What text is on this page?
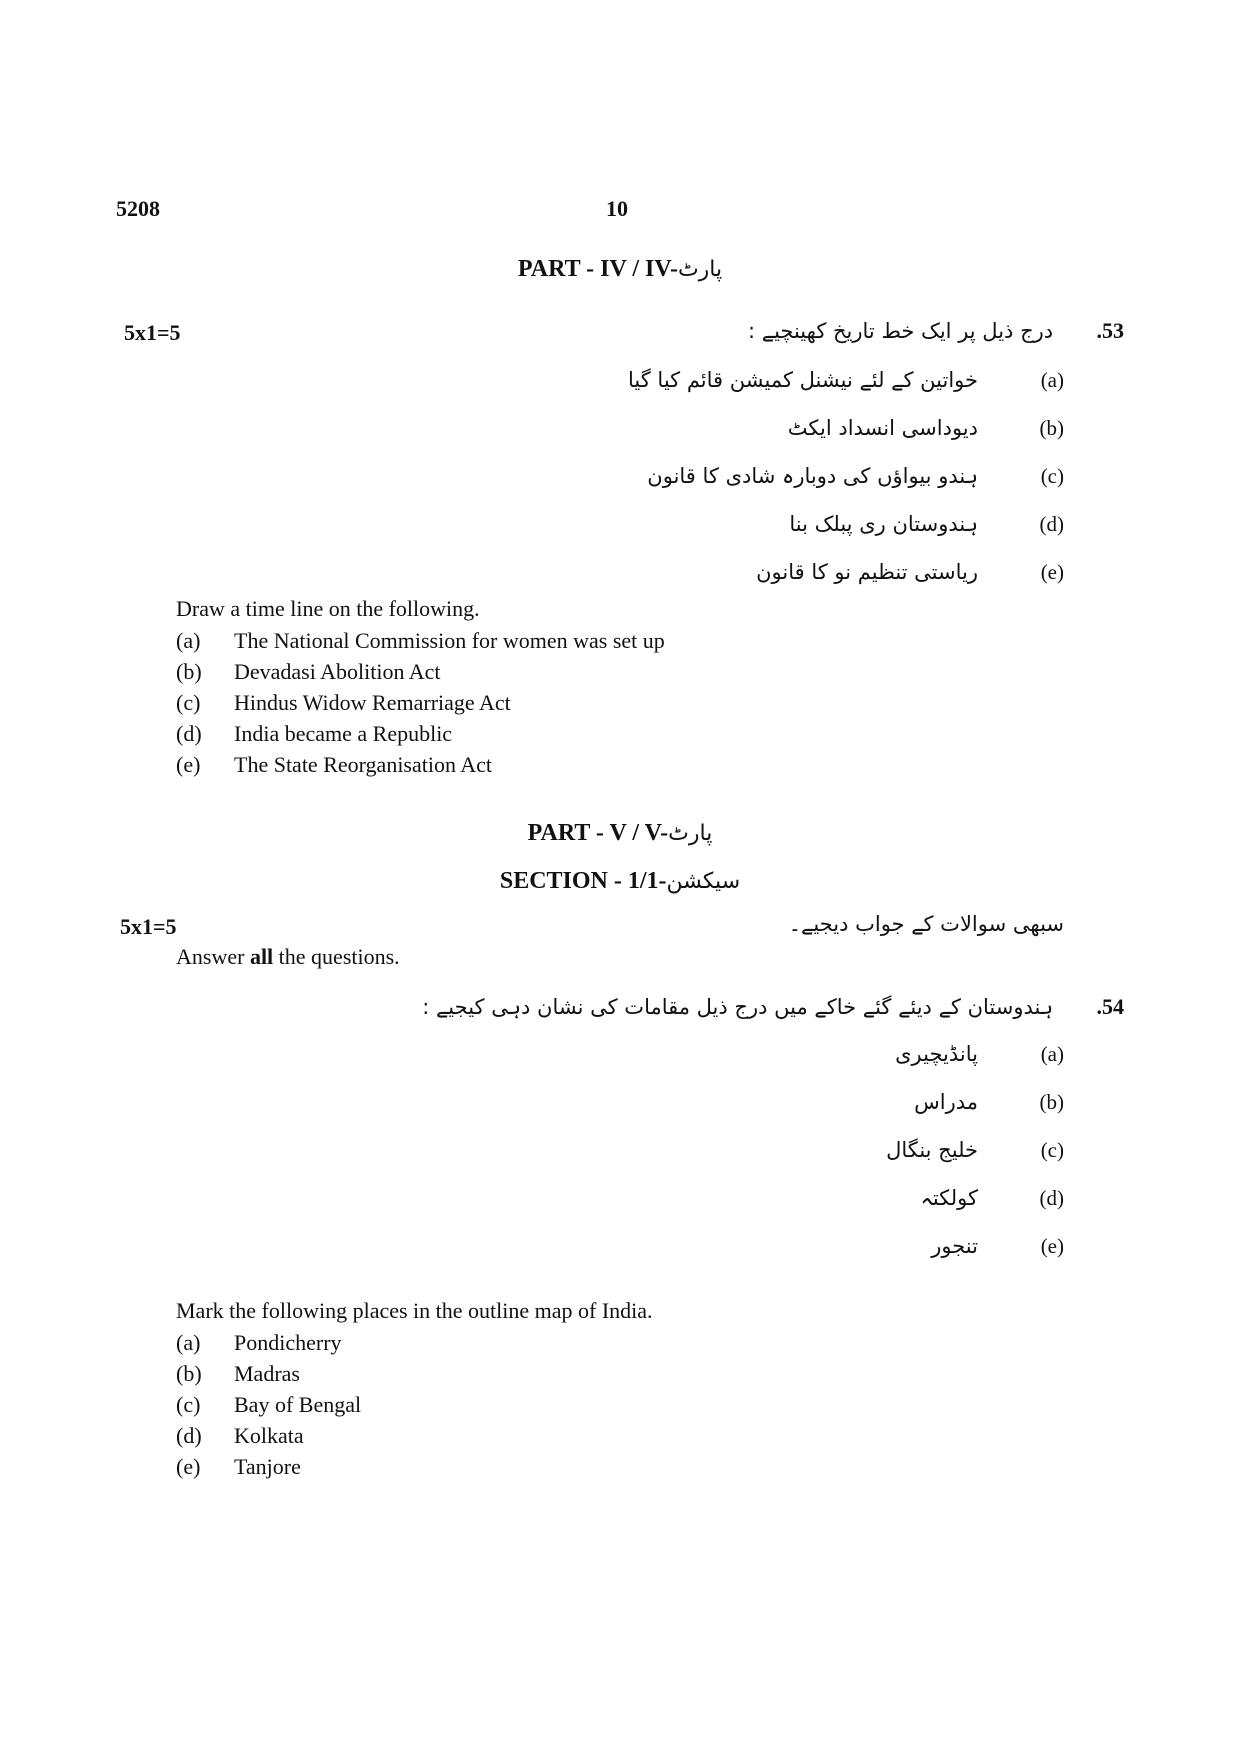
5208	10
PART - IV / IV-پارٹ
5x1=5	53.  درج ذیل پر ایک خط تاریخ کھینچیے :
(a)خواتین کے لئے نیشنل کمیشن قائم کیا گیا
(b)دیوداسی انسداد ایکٹ
(c)ہندو بیواؤں کی دوبارہ شادی کا قانون
(d)ہندوستان ری پبلک بنا
(e)ریاستی تنظیم نو کا قانون
Draw a time line on the following.
(a) The National Commission for women was set up
(b) Devadasi Abolition Act
(c) Hindus Widow Remarriage Act
(d) India became a Republic
(e) The State Reorganisation Act
PART - V / V-پارٹ
SECTION - 1/1-سیکشن
5x1=5	سبھی سوالات کے جواب دیجیے۔
Answer all the questions.
54.  ہندوستان کے دیئے گئے خاکے میں درج ذیل مقامات کی نشان دہی کیجیے :
(a)پانڈیچیری
(b)مدراس
(c)خلیج بنگال
(d)کولکتہ
(e)تنجور
Mark the following places in the outline map of India.
(a) Pondicherry
(b) Madras
(c) Bay of Bengal
(d) Kolkata
(e) Tanjore
